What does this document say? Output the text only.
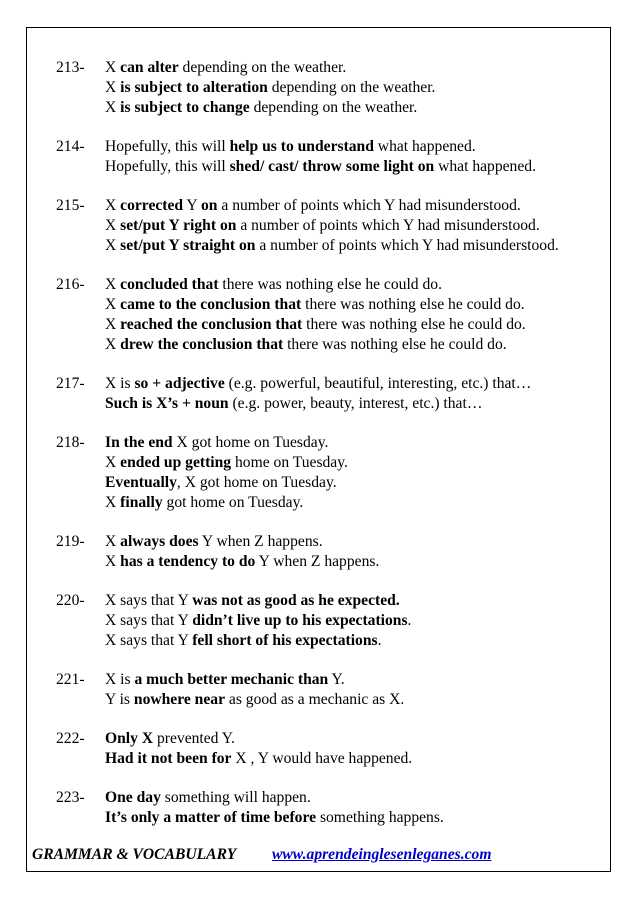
213-	X can alter depending on the weather.
X is subject to alteration depending on the weather.
X is subject to change depending on the weather.
214-	Hopefully, this will help us to understand what happened.
Hopefully, this will shed/ cast/ throw some light on what happened.
215-	X corrected Y on a number of points which Y had misunderstood.
X set/put Y right on a number of points which Y had misunderstood.
X set/put Y straight on a number of points which Y had misunderstood.
216-	X concluded that there was nothing else he could do.
X came to the conclusion that there was nothing else he could do.
X reached the conclusion that there was nothing else he could do.
X drew the conclusion that there was nothing else he could do.
217-	X is so + adjective (e.g. powerful, beautiful, interesting, etc.) that…
Such is X’s + noun (e.g. power, beauty, interest, etc.) that…
218-	In the end X got home on Tuesday.
X ended up getting home on Tuesday.
Eventually, X got home on Tuesday.
X finally got home on Tuesday.
219-	X always does Y when Z happens.
X has a tendency to do Y when Z happens.
220-	X says that Y was not as good as he expected.
X says that Y didn’t live up to his expectations.
X says that Y fell short of his expectations.
221-	X is a much better mechanic than Y.
Y is nowhere near as good as a mechanic as X.
222-	Only X prevented Y.
Had it not been for X , Y would have happened.
223-	One day something will happen.
It’s only a matter of time before something happens.
GRAMMAR & VOCABULARY www.aprendeinglesenleganes.com
